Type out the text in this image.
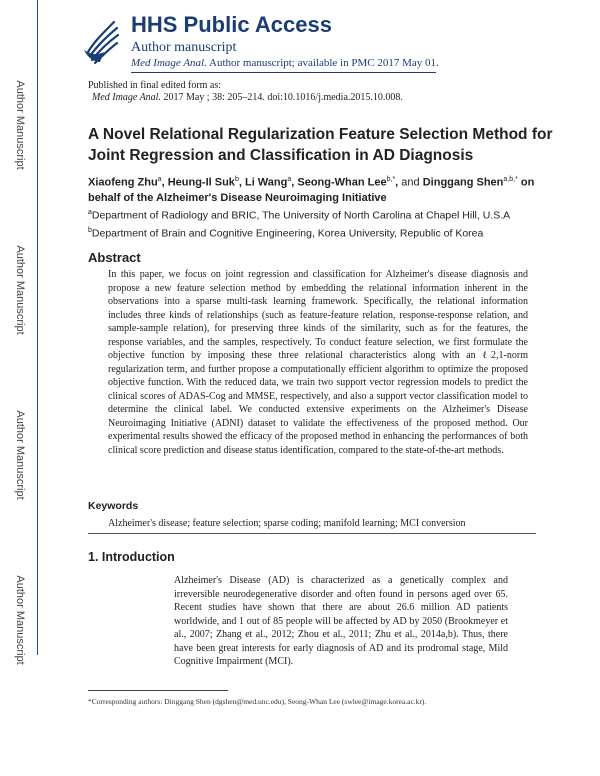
Author Manuscript
Author Manuscript
Author Manuscript
Author Manuscript
HHS Public Access
Author manuscript
Med Image Anal. Author manuscript; available in PMC 2017 May 01.
Published in final edited form as:
Med Image Anal. 2017 May ; 38: 205–214. doi:10.1016/j.media.2015.10.008.
A Novel Relational Regularization Feature Selection Method for Joint Regression and Classification in AD Diagnosis
Xiaofeng Zhu$^a$, Heung-Il Suk$^b$, Li Wang$^a$, Seong-Whan Lee$^{b,*}$, and Dinggang Shen$^{a,b,*}$ on behalf of the Alzheimer's Disease Neuroimaging Initiative
$^a$Department of Radiology and BRIC, The University of North Carolina at Chapel Hill, U.S.A
$^b$Department of Brain and Cognitive Engineering, Korea University, Republic of Korea
Abstract
In this paper, we focus on joint regression and classification for Alzheimer's disease diagnosis and propose a new feature selection method by embedding the relational information inherent in the observations into a sparse multi-task learning framework. Specifically, the relational information includes three kinds of relationships (such as feature-feature relation, response-response relation, and sample-sample relation), for preserving three kinds of the similarity, such as for the features, the response variables, and the samples, respectively. To conduct feature selection, we first formulate the objective function by imposing these three relational characteristics along with an ℓ2,1-norm regularization term, and further propose a computationally efficient algorithm to optimize the proposed objective function. With the reduced data, we train two support vector regression models to predict the clinical scores of ADAS-Cog and MMSE, respectively, and also a support vector classification model to determine the clinical label. We conducted extensive experiments on the Alzheimer's Disease Neuroimaging Initiative (ADNI) dataset to validate the effectiveness of the proposed method. Our experimental results showed the efficacy of the proposed method in enhancing the performances of both clinical score prediction and disease status identification, compared to the state-of-the-art methods.
Keywords
Alzheimer's disease; feature selection; sparse coding; manifold learning; MCI conversion
1. Introduction
Alzheimer's Disease (AD) is characterized as a genetically complex and irreversible neurodegenerative disorder and often found in persons aged over 65. Recent studies have shown that there are about 26.6 million AD patients worldwide, and 1 out of 85 people will be affected by AD by 2050 (Brookmeyer et al., 2007; Zhang et al., 2012; Zhou et al., 2011; Zhu et al., 2014a,b). Thus, there have been great interests for early diagnosis of AD and its prodromal stage, Mild Cognitive Impairment (MCI).
*Corresponding authors: Dinggang Shen (dgshen@med.unc.edu), Seong-Whan Lee (swlee@image.korea.ac.kr).
